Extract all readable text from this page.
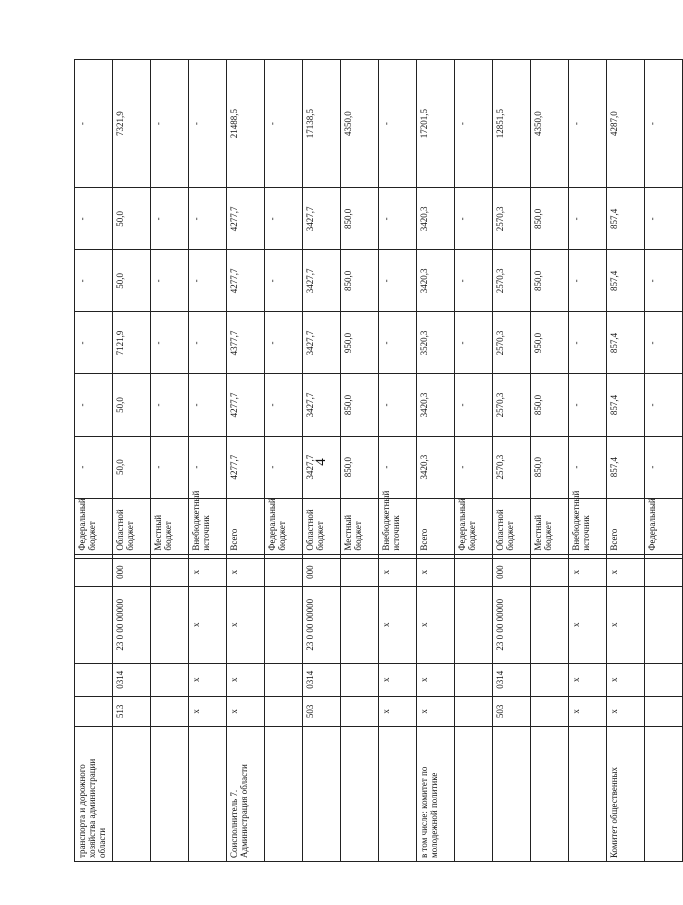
4
транспорта и дорожного хозяйства администрации области						Федеральный бюджет	-	-	-	-	-	-
	513	0314	23 0 00 00000	000		Областной бюджет	50,0	50,0	7121,9	50,0	50,0	7321,9
						Местный бюджет	-	-	-	-	-	-
	х	х	х	х		Внебюджетный источник	-	-	-	-	-	-
Соисполнитель 7. Администрация области	х	х	х	х		Всего	4277,7	4277,7	4377,7	4277,7	4277,7	21488,5
						Федеральный бюджет	-	-	-	-	-	-
	503	0314	23 0 00 00000	000		Областной бюджет	3427,7	3427,7	3427,7	3427,7	3427,7	17138,5
						Местный бюджет	850,0	850,0	950,0	850,0	850,0	4350,0
	х	х	х	х		Внебюджетный источник	-	-	-	-	-	-
в том числе: комитет по молодежной политике	х	х	х	х		Всего	3420,3	3420,3	3520,3	3420,3	3420,3	17201,5
						Федеральный бюджет	-	-	-	-	-	-
	503	0314	23 0 00 00000	000		Областной бюджет	2570,3	2570,3	2570,3	2570,3	2570,3	12851,5
						Местный бюджет	850,0	850,0	950,0	850,0	850,0	4350,0
	х	х	х	х		Внебюджетный источник	-	-	-	-	-	-
Комитет общественных	х	х	х	х		Всего	857,4	857,4	857,4	857,4	857,4	4287,0
						Федеральный	-	-	-	-	-	-
